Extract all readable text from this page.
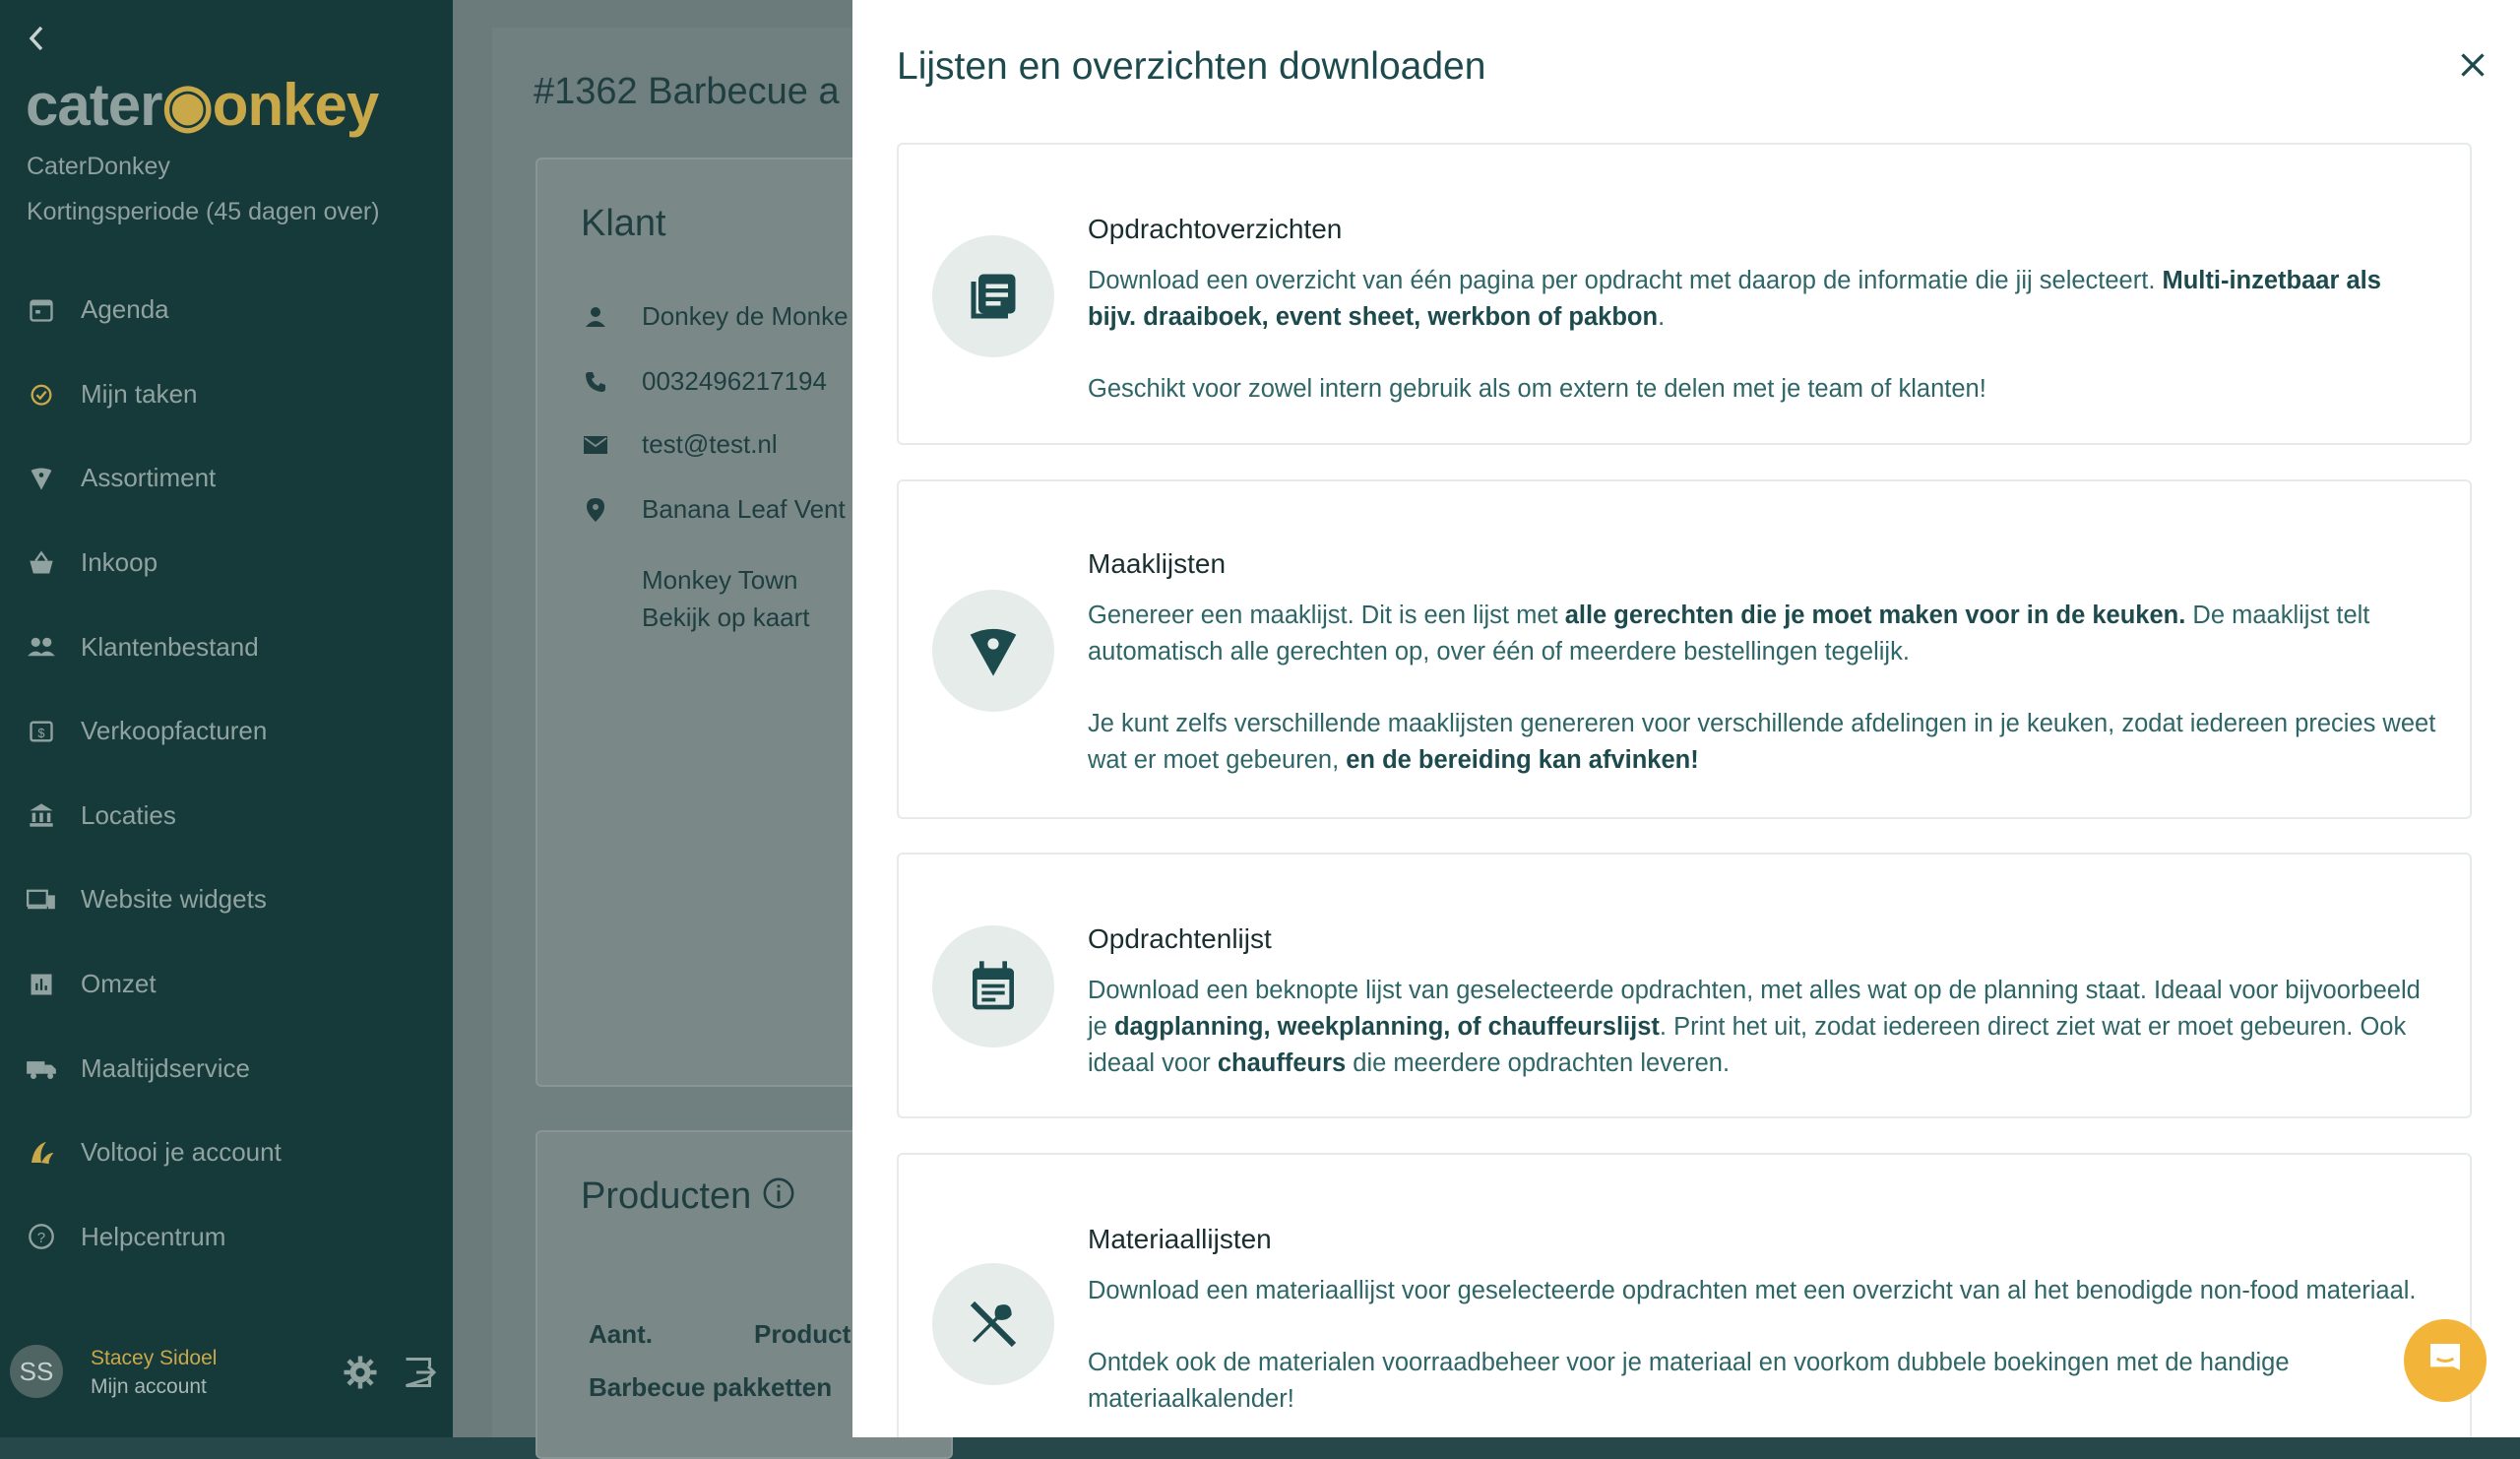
cater◉onkey
CaterDonkey
Kortingsperiode (45 dagen over)
Agenda
Mijn taken
Assortiment
Inkoop
Klantenbestand
$ Verkoopfacturen
Locaties
Website widgets
Omzet
Maaltijdservice
Voltooi je account
? Helpcentrum
SS	Stacey Sidoel
Mijn account
#1362 Barbecue a
Klant
Donkey de Monke
0032496217194
test@test.nl
Banana Leaf Vent
Monkey Town
Bekijk op kaart
Producten
Aant.	Product
Barbecue pakketten
Lijsten en overzichten downloaden
Opdrachtoverzichten

Download een overzicht van één pagina per opdracht met daarop de informatie die jij selecteert. Multi-inzetbaar als bijv. draaiboek, event sheet, werkbon of pakbon.

Geschikt voor zowel intern gebruik als om extern te delen met je team of klanten!

Maaklijsten

Genereer een maaklijst. Dit is een lijst met alle gerechten die je moet maken voor in de keuken. De maaklijst telt automatisch alle gerechten op, over één of meerdere bestellingen tegelijk.

Je kunt zelfs verschillende maaklijsten genereren voor verschillende afdelingen in je keuken, zodat iedereen precies weet wat er moet gebeuren, en de bereiding kan afvinken!

Opdrachtenlijst

Download een beknopte lijst van geselecteerde opdrachten, met alles wat op de planning staat. Ideaal voor bijvoorbeeld je dagplanning, weekplanning, of chauffeurslijst. Print het uit, zodat iedereen direct ziet wat er moet gebeuren. Ook ideaal voor chauffeurs die meerdere opdrachten leveren.

Materiaallijsten

Download een materiaallijst voor geselecteerde opdrachten met een overzicht van al het benodigde non-food materiaal.

Ontdek ook de materialen voorraadbeheer voor je materiaal en voorkom dubbele boekingen met de handige materiaalkalender!
